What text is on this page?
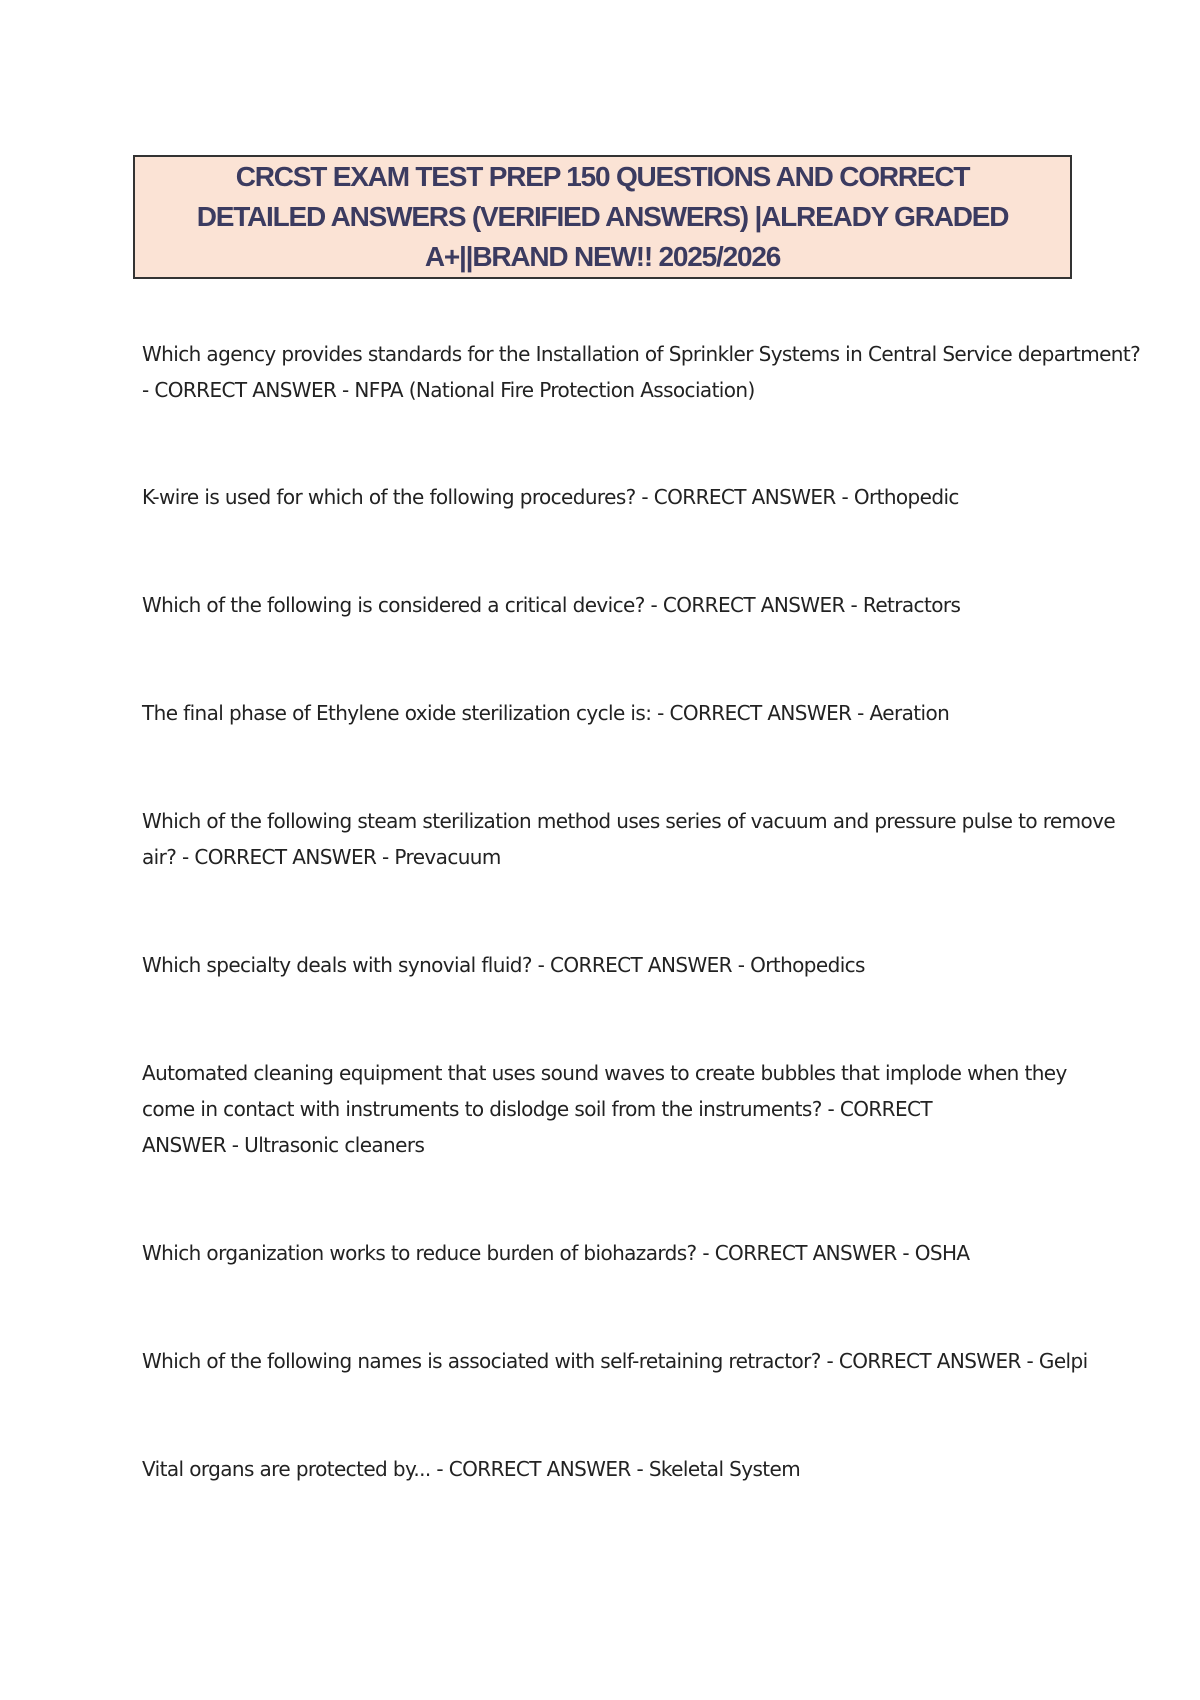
CRCST EXAM TEST PREP 150 QUESTIONS AND CORRECT
DETAILED ANSWERS (VERIFIED ANSWERS) |ALREADY GRADED
A+||BRAND NEW!! 2025/2026
Which agency provides standards for the Installation of Sprinkler Systems in Central Service department?
- CORRECT ANSWER - NFPA (National Fire Protection Association)
K-wire is used for which of the following procedures? - CORRECT ANSWER - Orthopedic
Which of the following is considered a critical device? - CORRECT ANSWER - Retractors
The final phase of Ethylene oxide sterilization cycle is: - CORRECT ANSWER - Aeration
Which of the following steam sterilization method uses series of vacuum and pressure pulse to remove
air? - CORRECT ANSWER - Prevacuum
Which specialty deals with synovial fluid? - CORRECT ANSWER - Orthopedics
Automated cleaning equipment that uses sound waves to create bubbles that implode when they
come in contact with instruments to dislodge soil from the instruments? - CORRECT
ANSWER - Ultrasonic cleaners
Which organization works to reduce burden of biohazards? - CORRECT ANSWER - OSHA
Which of the following names is associated with self-retaining retractor? - CORRECT ANSWER - Gelpi
Vital organs are protected by... - CORRECT ANSWER - Skeletal System
